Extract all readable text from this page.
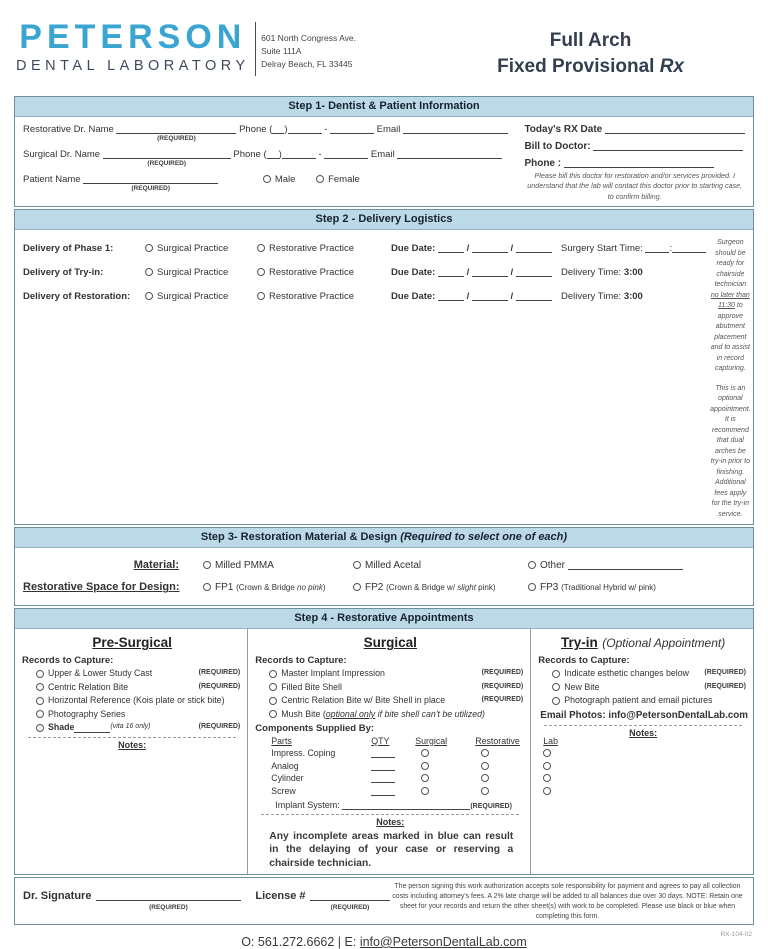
PETERSON
DENTAL LABORATORY
601 North Congress Ave.
Suite 111A
Delray Beach, FL 33445
Full Arch
Fixed Provisional Rx
Step 1- Dentist & Patient Information
Restorative Dr. Name
(REQUIRED)
Phone ( )	-	Email
Surgical Dr. Name
(REQUIRED)
Phone ( )	-	Email
Patient Name
(REQUIRED)
Male	Female
Today's RX Date
Bill to Doctor:
Phone :
Please bill this doctor for restoration and/or services provided. I understand that the lab will contact this doctor prior to starting case, to confirm billing.
Step 2 - Delivery Logistics
Delivery of Phase 1:	Surgical Practice	Restorative Practice	Due Date:	/	/	Surgery Start Time:	:
Delivery of Try-in:	Surgical Practice	Restorative Practice	Due Date:	/	/	Delivery Time: 3:00
Delivery of Restoration:	Surgical Practice	Restorative Practice	Due Date:	/	/	Delivery Time: 3:00
Surgeon should be ready for chairside technician no later than 11:30 to approve abutment placement and to assist in record capturing.
This is an optional appointment. It is recommend that dual arches be try-in prior to finishing. Additional fees apply for the try-in service.
Step 3- Restoration Material & Design (Required to select one of each)
Material:	Milled PMMA	Milled Acetal	Other
Restorative Space for Design:	FP1 (Crown & Bridge no pink)	FP2 (Crown & Bridge w/ slight pink)	FP3 (Traditional Hybrid w/ pink)
Step 4 - Restorative Appointments
Pre-Surgical
Records to Capture:
Upper & Lower Study Cast	(REQUIRED)
Centric Relation Bite	(REQUIRED)
Horizontal Reference (Kois plate or stick bite)
Photography Series
Shade	(vita 16 only)	(REQUIRED)
Notes:
Surgical
Records to Capture:
Master Implant Impression	(REQUIRED)
Filled Bite Shell	(REQUIRED)
Centric Relation Bite w/ Bite Shell in place	(REQUIRED)
Mush Bite (optional only if bite shell can't be utilized)
Components Supplied By:
Parts	QTY	Surgical	Restorative	Lab
Impress. Coping
Analog
Cylinder
Screw
Implant System:	(REQUIRED)
Notes:

Any incomplete areas marked in blue can result in the delaying of your case or reserving a chairside technician.

Try-in (Optional Appointment)
Records to Capture:
Indicate esthetic changes below (REQUIRED)
New Bite	(REQUIRED)
Photograph patient and email pictures
Email Photos: info@PetersonDentalLab.com
Notes:
Dr. Signature
(REQUIRED)
License #
(REQUIRED)
The person signing this work authorization accepts sole responsibility for payment and agrees to pay all collection costs including attorney's fees. A 2% late charge will be added to all balances due over 30 days. NOTE: Retain one sheet for your records and return the other sheet(s) with work to be completed. Please use black or blue when completing this form.
O: 561.272.6662 | E: info@PetersonDentalLab.com
RX-104-02
